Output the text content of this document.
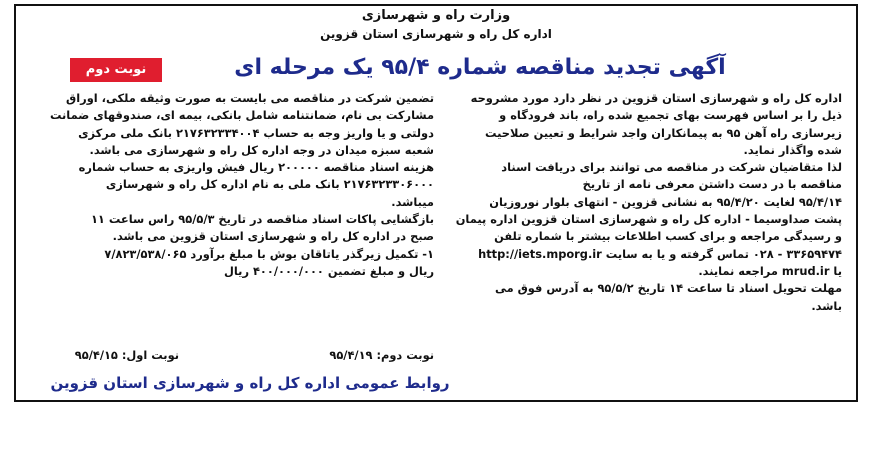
وزارت راه و شهرسازی
اداره کل راه و شهرسازی استان قزوین
آگهی تجدید مناقصه شماره ۹۵/۴ یک مرحله ای
نوبت دوم
اداره کل راه و شهرسازی استان قزوین در نظر دارد مورد مشروحه
ذیل را بر اساس فهرست بهای تجمیع شده راه، باند فرودگاه و
زیرسازی راه آهن ۹۵ به پیمانکاران واجد شرایط و تعیین صلاحیت
شده واگذار نماید.
لذا متقاضیان شرکت در مناقصه می توانند برای دریافت اسناد
مناقصه با در دست داشتن معرفی نامه از تاریخ
۹۵/۴/۱۴ لغایت ۹۵/۴/۲۰ به نشانی قزوین - انتهای بلوار نوروزیان
پشت صداوسیما - اداره کل راه و شهرسازی استان قزوین اداره پیمان
و رسیدگی مراجعه و برای کسب اطلاعات بیشتر با شماره تلفن
۳۳۶۵۹۴۷۴ - ۰۲۸ تماس گرفته و یا به سایت http://iets.mporg.ir
یا mrud.ir مراجعه نمایند.
مهلت تحویل اسناد تا ساعت ۱۴ تاریخ ۹۵/۵/۲ به آدرس فوق می
باشد.
تضمین شرکت در مناقصه می بایست به صورت وثیقه ملکی، اوراق
مشارکت بی نام، ضمانتنامه شامل بانکی، بیمه ای، صندوقهای ضمانت
دولتی و یا واریز وجه به حساب ۲۱۷۶۳۲۳۳۴۰۰۴ بانک ملی مرکزی
شعبه سبزه میدان در وجه اداره کل راه و شهرسازی می باشد.
هزینه اسناد مناقصه ۲۰۰۰۰۰ ریال فیش واریزی به حساب شماره
۲۱۷۶۳۲۳۳۰۶۰۰۰ بانک ملی به نام اداره کل راه و شهرسازی
میباشد.
بازگشایی پاکات اسناد مناقصه در تاریخ ۹۵/۵/۳ راس ساعت ۱۱
صبح در اداره کل راه و شهرسازی استان قزوین می باشد.
۱- تکمیل زیرگذر یاتاقان بوش با مبلغ برآورد ۷/۸۲۳/۵۳۸/۰۶۵
ریال و مبلغ تضمین ۴۰۰/۰۰۰/۰۰۰ ریال
نوبت اول: ۹۵/۴/۱۵	نوبت دوم: ۹۵/۴/۱۹
روابط عمومی اداره کل راه و شهرسازی استان قزوین
